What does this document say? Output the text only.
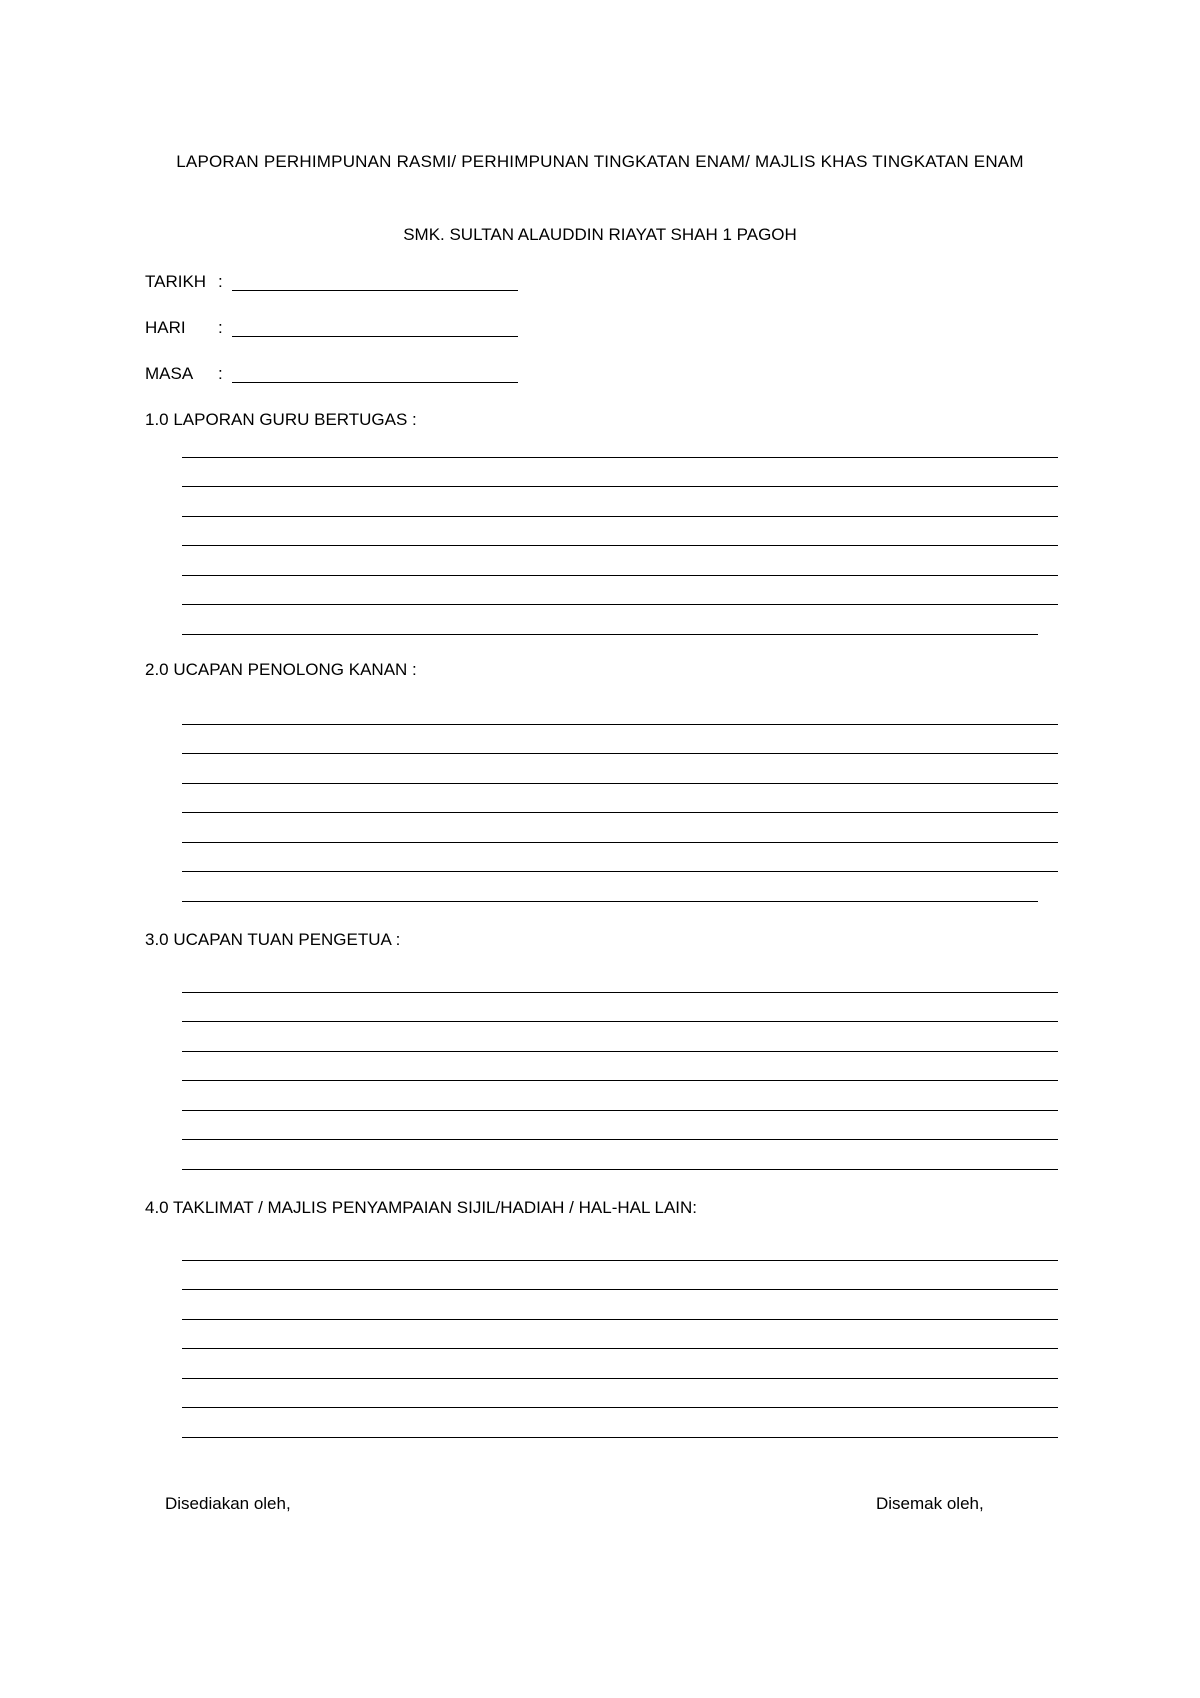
LAPORAN PERHIMPUNAN RASMI/ PERHIMPUNAN TINGKATAN ENAM/ MAJLIS KHAS TINGKATAN ENAM
SMK. SULTAN ALAUDDIN RIAYAT SHAH 1 PAGOH
TARIKH :
HARI :
MASA :
1.0 LAPORAN GURU BERTUGAS :
2.0 UCAPAN PENOLONG KANAN :
3.0 UCAPAN TUAN PENGETUA :
4.0 TAKLIMAT / MAJLIS PENYAMPAIAN SIJIL/HADIAH / HAL-HAL LAIN:
Disediakan oleh,	Disemak oleh,
